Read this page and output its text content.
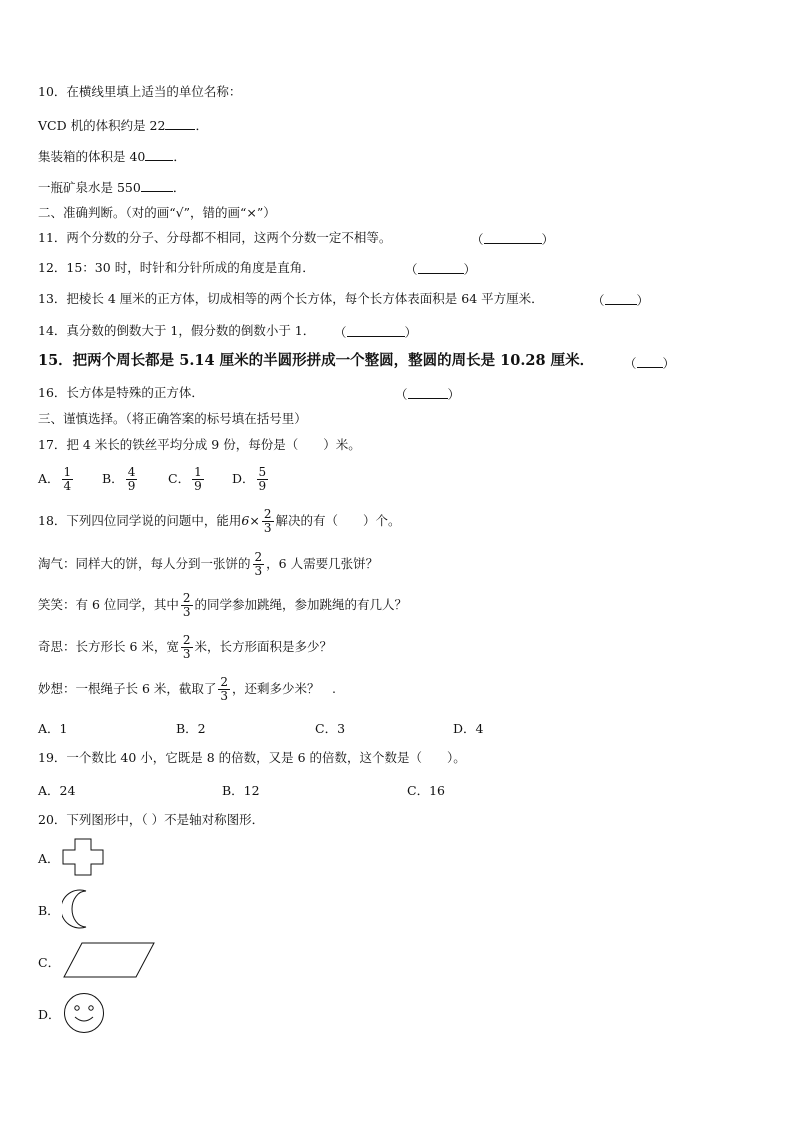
10．在横线里填上适当的单位名称：
VCD 机的体积约是 22 ．
集装箱的体积是 40 ．
一瓶矿泉水是 550	．
二、准确判断。（对的画“√”，错的画“×”）
11．两个分数的分子、分母都不相同，这两个分数一定不相等。	（	）
12．15：30 时，时针和分针所成的角度是直角．	（	）
13．把棱长 4 厘米的正方体，切成相等的两个长方体，每个长方体表面积是 64 平方厘米．	（	）
14．真分数的倒数大于 1，假分数的倒数小于 1． （	）
15．把两个周长都是 5.14 厘米的半圆形拼成一个整圆，整圆的周长是 10.28 厘米． （ ）
16．长方体是特殊的正方体．	（	）
三、谨慎选择。（将正确答案的标号填在括号里）
17．把 4 米长的铁丝平均分成 9 份，每份是（　　）米。
A． $\frac{1}{4}$ B． $\frac{4}{9}$ C． $\frac{1}{9}$ D． $\frac{5}{9}$
18．下列四位同学说的问题中，能用$6\times \frac{2}{3}$ 解决的有（　　）个。
淘气：同样大的饼，每人分到一张饼的 $\frac{2}{3}$ ，6 人需要几张饼？
笑笑：有 6 位同学，其中 $\frac{2}{3}$ 的同学参加跳绳，参加跳绳的有几人？
奇思：长方形长 6 米，宽 $\frac{2}{3}$ 米，长方形面积是多少？
妙想：一根绳子长 6 米，截取了 $\frac{2}{3}$ ，还剩多少米？　.
A．1	B．2	C．3	D．4
19．一个数比 40 小，它既是 8 的倍数，又是 6 的倍数，这个数是（　　）。
A．24	B．12	C．16
20．下列图形中，（ ）不是轴对称图形．
A．
B．
C．
D．
